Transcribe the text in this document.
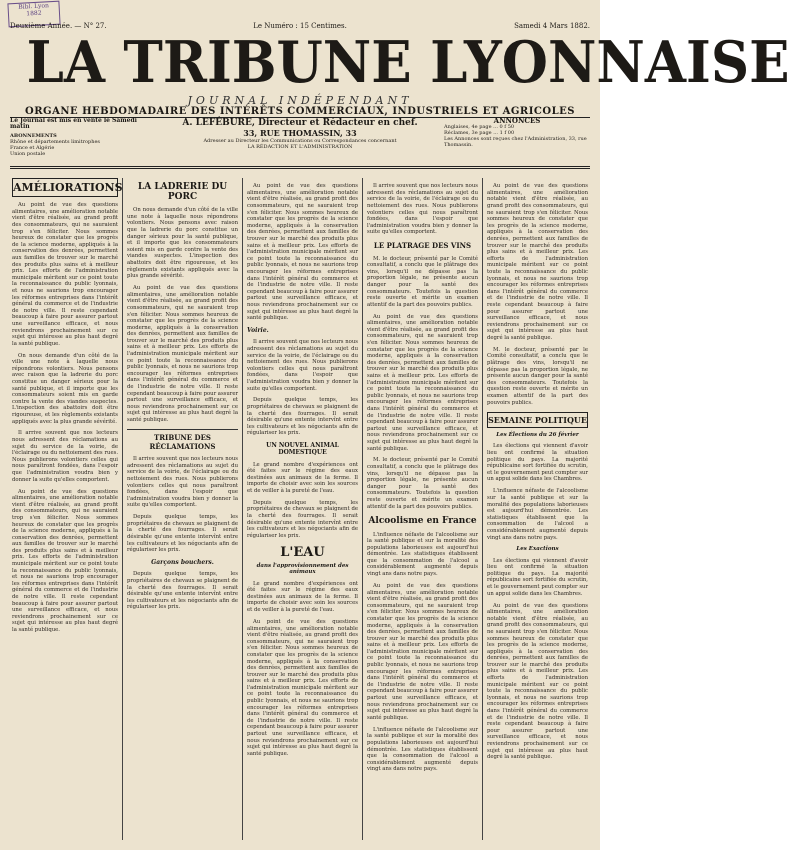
Bibl. Lyon
1882
Deuxième Année. — N° 27.	Le Numéro : 15 Centimes.	Samedi 4 Mars 1882.
LA TRIBUNE LYONNAISE
JOURNAL INDÉPENDANT
ORGANE HEBDOMADAIRE DES INTÉRÊTS COMMERCIAUX, INDUSTRIELS ET AGRICOLES
Le Journal est mis en vente le Samedi matin
ABONNEMENTS
Rhône et départements limitrophes
France et Algérie
Union postale
A. LEFÉBURE, Directeur et Rédacteur en chef.
33, RUE THOMASSIN, 33
Adresser au Directeur les Communications ou Correspondances concernant
LA RÉDACTION ET L'ADMINISTRATION
ANNONCES
Anglaises, 4e page ... 0 f 50
Réclames, 3e page ... 1 f 00
Les Annonces sont reçues chez l'Administration, 33, rue Thomassin.
AMÉLIORATIONS

Au point de vue des questions alimentaires, une amélioration notable vient d'être réalisée, au grand profit des consommateurs, qui ne sauraient trop s'en féliciter. Nous sommes heureux de constater que les progrès de la science moderne, appliqués à la conservation des denrées, permettent aux familles de trouver sur le marché des produits plus sains et à meilleur prix. Les efforts de l'administration municipale méritent sur ce point toute la reconnaissance du public lyonnais, et nous ne saurions trop encourager les réformes entreprises dans l'intérêt général du commerce et de l'industrie de notre ville. Il reste cependant beaucoup à faire pour assurer partout une surveillance efficace, et nous reviendrons prochainement sur ce sujet qui intéresse au plus haut degré la santé publique.

On nous demande d'un côté de la ville une note à laquelle nous répondrons volontiers. Nous pensons avec raison que la ladrerie du porc constitue un danger sérieux pour la santé publique, et il importe que les consommateurs soient mis en garde contre la vente des viandes suspectes. L'inspection des abattoirs doit être rigoureuse, et les règlements existants appliqués avec la plus grande sévérité.

Il arrive souvent que nos lecteurs nous adressent des réclamations au sujet du service de la voirie, de l'éclairage ou du nettoiement des rues. Nous publierons volontiers celles qui nous paraîtront fondées, dans l'espoir que l'administration voudra bien y donner la suite qu'elles comportent.

Au point de vue des questions alimentaires, une amélioration notable vient d'être réalisée, au grand profit des consommateurs, qui ne sauraient trop s'en féliciter. Nous sommes heureux de constater que les progrès de la science moderne, appliqués à la conservation des denrées, permettent aux familles de trouver sur le marché des produits plus sains et à meilleur prix. Les efforts de l'administration municipale méritent sur ce point toute la reconnaissance du public lyonnais, et nous ne saurions trop encourager les réformes entreprises dans l'intérêt général du commerce et de l'industrie de notre ville. Il reste cependant beaucoup à faire pour assurer partout une surveillance efficace, et nous reviendrons prochainement sur ce sujet qui intéresse au plus haut degré la santé publique.

LA LADRERIE DU PORC

On nous demande d'un côté de la ville une note à laquelle nous répondrons volontiers. Nous pensons avec raison que la ladrerie du porc constitue un danger sérieux pour la santé publique, et il importe que les consommateurs soient mis en garde contre la vente des viandes suspectes. L'inspection des abattoirs doit être rigoureuse, et les règlements existants appliqués avec la plus grande sévérité.

Au point de vue des questions alimentaires, une amélioration notable vient d'être réalisée, au grand profit des consommateurs, qui ne sauraient trop s'en féliciter. Nous sommes heureux de constater que les progrès de la science moderne, appliqués à la conservation des denrées, permettent aux familles de trouver sur le marché des produits plus sains et à meilleur prix. Les efforts de l'administration municipale méritent sur ce point toute la reconnaissance du public lyonnais, et nous ne saurions trop encourager les réformes entreprises dans l'intérêt général du commerce et de l'industrie de notre ville. Il reste cependant beaucoup à faire pour assurer partout une surveillance efficace, et nous reviendrons prochainement sur ce sujet qui intéresse au plus haut degré la santé publique.

TRIBUNE DES RÉCLAMATIONS

Il arrive souvent que nos lecteurs nous adressent des réclamations au sujet du service de la voirie, de l'éclairage ou du nettoiement des rues. Nous publierons volontiers celles qui nous paraîtront fondées, dans l'espoir que l'administration voudra bien y donner la suite qu'elles comportent.

Depuis quelque temps, les propriétaires de chevaux se plaignent de la cherté des fourrages. Il serait désirable qu'une entente intervînt entre les cultivateurs et les négociants afin de régulariser les prix.

Garçons bouchers.

Depuis quelque temps, les propriétaires de chevaux se plaignent de la cherté des fourrages. Il serait désirable qu'une entente intervînt entre les cultivateurs et les négociants afin de régulariser les prix.

Au point de vue des questions alimentaires, une amélioration notable vient d'être réalisée, au grand profit des consommateurs, qui ne sauraient trop s'en féliciter. Nous sommes heureux de constater que les progrès de la science moderne, appliqués à la conservation des denrées, permettent aux familles de trouver sur le marché des produits plus sains et à meilleur prix. Les efforts de l'administration municipale méritent sur ce point toute la reconnaissance du public lyonnais, et nous ne saurions trop encourager les réformes entreprises dans l'intérêt général du commerce et de l'industrie de notre ville. Il reste cependant beaucoup à faire pour assurer partout une surveillance efficace, et nous reviendrons prochainement sur ce sujet qui intéresse au plus haut degré la santé publique.

Voirie.

Il arrive souvent que nos lecteurs nous adressent des réclamations au sujet du service de la voirie, de l'éclairage ou du nettoiement des rues. Nous publierons volontiers celles qui nous paraîtront fondées, dans l'espoir que l'administration voudra bien y donner la suite qu'elles comportent.

Depuis quelque temps, les propriétaires de chevaux se plaignent de la cherté des fourrages. Il serait désirable qu'une entente intervînt entre les cultivateurs et les négociants afin de régulariser les prix.

UN NOUVEL ANIMAL DOMESTIQUE

Le grand nombre d'expériences ont été faites sur le régime des eaux destinées aux animaux de la ferme. Il importe de choisir avec soin les sources et de veiller à la pureté de l'eau.

Depuis quelque temps, les propriétaires de chevaux se plaignent de la cherté des fourrages. Il serait désirable qu'une entente intervînt entre les cultivateurs et les négociants afin de régulariser les prix.

L'EAU
dans l'approvisionnement des animaux

Le grand nombre d'expériences ont été faites sur le régime des eaux destinées aux animaux de la ferme. Il importe de choisir avec soin les sources et de veiller à la pureté de l'eau.

Au point de vue des questions alimentaires, une amélioration notable vient d'être réalisée, au grand profit des consommateurs, qui ne sauraient trop s'en féliciter. Nous sommes heureux de constater que les progrès de la science moderne, appliqués à la conservation des denrées, permettent aux familles de trouver sur le marché des produits plus sains et à meilleur prix. Les efforts de l'administration municipale méritent sur ce point toute la reconnaissance du public lyonnais, et nous ne saurions trop encourager les réformes entreprises dans l'intérêt général du commerce et de l'industrie de notre ville. Il reste cependant beaucoup à faire pour assurer partout une surveillance efficace, et nous reviendrons prochainement sur ce sujet qui intéresse au plus haut degré la santé publique.

Il arrive souvent que nos lecteurs nous adressent des réclamations au sujet du service de la voirie, de l'éclairage ou du nettoiement des rues. Nous publierons volontiers celles qui nous paraîtront fondées, dans l'espoir que l'administration voudra bien y donner la suite qu'elles comportent.

LE PLATRAGE DES VINS

M. le docteur, présenté par le Comité consultatif, a conclu que le plâtrage des vins, lorsqu'il ne dépasse pas la proportion légale, ne présente aucun danger pour la santé des consommateurs. Toutefois la question reste ouverte et mérite un examen attentif de la part des pouvoirs publics.

Au point de vue des questions alimentaires, une amélioration notable vient d'être réalisée, au grand profit des consommateurs, qui ne sauraient trop s'en féliciter. Nous sommes heureux de constater que les progrès de la science moderne, appliqués à la conservation des denrées, permettent aux familles de trouver sur le marché des produits plus sains et à meilleur prix. Les efforts de l'administration municipale méritent sur ce point toute la reconnaissance du public lyonnais, et nous ne saurions trop encourager les réformes entreprises dans l'intérêt général du commerce et de l'industrie de notre ville. Il reste cependant beaucoup à faire pour assurer partout une surveillance efficace, et nous reviendrons prochainement sur ce sujet qui intéresse au plus haut degré la santé publique.

M. le docteur, présenté par le Comité consultatif, a conclu que le plâtrage des vins, lorsqu'il ne dépasse pas la proportion légale, ne présente aucun danger pour la santé des consommateurs. Toutefois la question reste ouverte et mérite un examen attentif de la part des pouvoirs publics.

Alcoolisme en France

L'influence néfaste de l'alcoolisme sur la santé publique et sur la moralité des populations laborieuses est aujourd'hui démontrée. Les statistiques établissent que la consommation de l'alcool a considérablement augmenté depuis vingt ans dans notre pays.

Au point de vue des questions alimentaires, une amélioration notable vient d'être réalisée, au grand profit des consommateurs, qui ne sauraient trop s'en féliciter. Nous sommes heureux de constater que les progrès de la science moderne, appliqués à la conservation des denrées, permettent aux familles de trouver sur le marché des produits plus sains et à meilleur prix. Les efforts de l'administration municipale méritent sur ce point toute la reconnaissance du public lyonnais, et nous ne saurions trop encourager les réformes entreprises dans l'intérêt général du commerce et de l'industrie de notre ville. Il reste cependant beaucoup à faire pour assurer partout une surveillance efficace, et nous reviendrons prochainement sur ce sujet qui intéresse au plus haut degré la santé publique.

L'influence néfaste de l'alcoolisme sur la santé publique et sur la moralité des populations laborieuses est aujourd'hui démontrée. Les statistiques établissent que la consommation de l'alcool a considérablement augmenté depuis vingt ans dans notre pays.

Au point de vue des questions alimentaires, une amélioration notable vient d'être réalisée, au grand profit des consommateurs, qui ne sauraient trop s'en féliciter. Nous sommes heureux de constater que les progrès de la science moderne, appliqués à la conservation des denrées, permettent aux familles de trouver sur le marché des produits plus sains et à meilleur prix. Les efforts de l'administration municipale méritent sur ce point toute la reconnaissance du public lyonnais, et nous ne saurions trop encourager les réformes entreprises dans l'intérêt général du commerce et de l'industrie de notre ville. Il reste cependant beaucoup à faire pour assurer partout une surveillance efficace, et nous reviendrons prochainement sur ce sujet qui intéresse au plus haut degré la santé publique.

M. le docteur, présenté par le Comité consultatif, a conclu que le plâtrage des vins, lorsqu'il ne dépasse pas la proportion légale, ne présente aucun danger pour la santé des consommateurs. Toutefois la question reste ouverte et mérite un examen attentif de la part des pouvoirs publics.

SEMAINE POLITIQUE
Les Élections du 26 février

Les élections qui viennent d'avoir lieu ont confirmé la situation politique du pays. La majorité républicaine sort fortifiée du scrutin, et le gouvernement peut compter sur un appui solide dans les Chambres.

L'influence néfaste de l'alcoolisme sur la santé publique et sur la moralité des populations laborieuses est aujourd'hui démontrée. Les statistiques établissent que la consommation de l'alcool a considérablement augmenté depuis vingt ans dans notre pays.

Les Exactions

Les élections qui viennent d'avoir lieu ont confirmé la situation politique du pays. La majorité républicaine sort fortifiée du scrutin, et le gouvernement peut compter sur un appui solide dans les Chambres.

Au point de vue des questions alimentaires, une amélioration notable vient d'être réalisée, au grand profit des consommateurs, qui ne sauraient trop s'en féliciter. Nous sommes heureux de constater que les progrès de la science moderne, appliqués à la conservation des denrées, permettent aux familles de trouver sur le marché des produits plus sains et à meilleur prix. Les efforts de l'administration municipale méritent sur ce point toute la reconnaissance du public lyonnais, et nous ne saurions trop encourager les réformes entreprises dans l'intérêt général du commerce et de l'industrie de notre ville. Il reste cependant beaucoup à faire pour assurer partout une surveillance efficace, et nous reviendrons prochainement sur ce sujet qui intéresse au plus haut degré la santé publique.
